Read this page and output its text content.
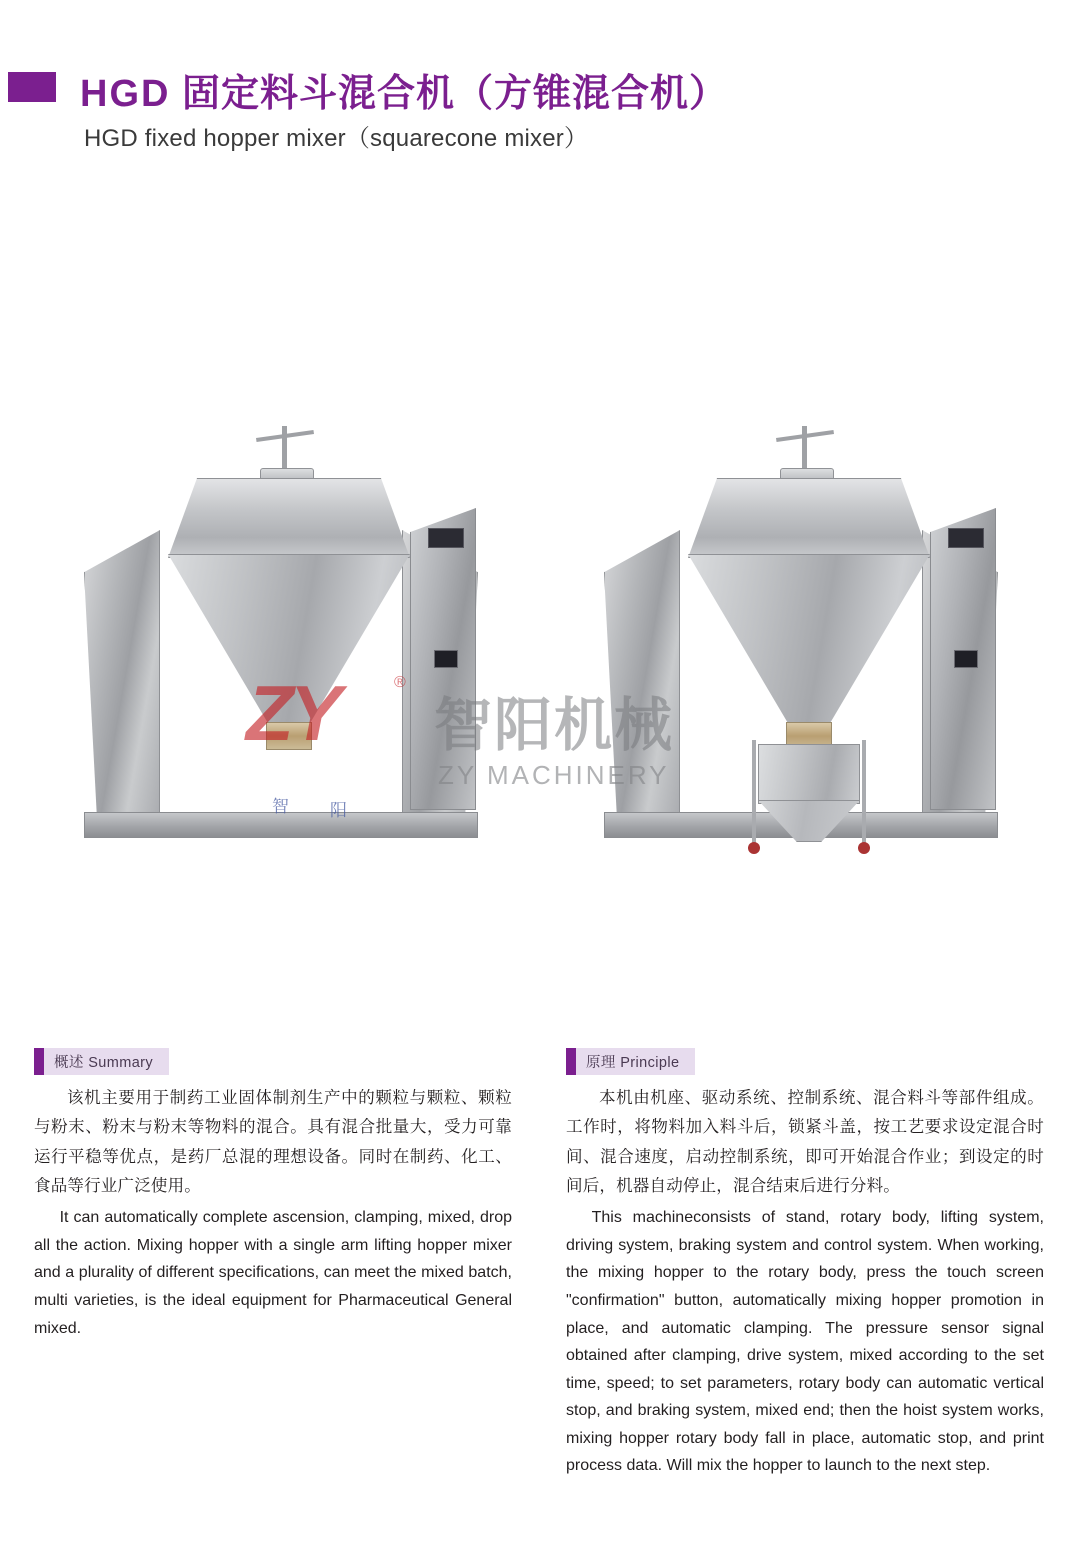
HGD 固定料斗混合机（方锥混合机）
HGD fixed hopper mixer（squarecone mixer）
ZY	®
智阳机械
ZY MACHINERY
智 阳
概述 Summary

该机主要用于制药工业固体制剂生产中的颗粒与颗粒、颗粒与粉末、粉末与粉末等物料的混合。具有混合批量大，受力可靠运行平稳等优点，是药厂总混的理想设备。同时在制药、化工、食品等行业广泛使用。

It can automatically complete ascension, clamping, mixed, drop all the action. Mixing hopper with a single arm lifting hopper mixer and a plurality of different specifications, can meet the mixed batch, multi varieties, is the ideal equipment for Pharmaceutical General mixed.

原理 Principle

本机由机座、驱动系统、控制系统、混合料斗等部件组成。工作时，将物料加入料斗后，锁紧斗盖，按工艺要求设定混合时间、混合速度，启动控制系统，即可开始混合作业；到设定的时间后，机器自动停止，混合结束后进行分料。

This machineconsists of stand, rotary body, lifting system, driving system, braking system and control system. When working, the mixing hopper to the rotary body, press the touch screen "confirmation" button, automatically mixing hopper promotion in place, and automatic clamping. The pressure sensor signal obtained after clamping, drive system, mixed according to the set time, speed; to set parameters, rotary body can automatic vertical stop, and braking system, mixed end; then the hoist system works, mixing hopper rotary body fall in place, automatic stop, and print process data. Will mix the hopper to launch to the next step.
